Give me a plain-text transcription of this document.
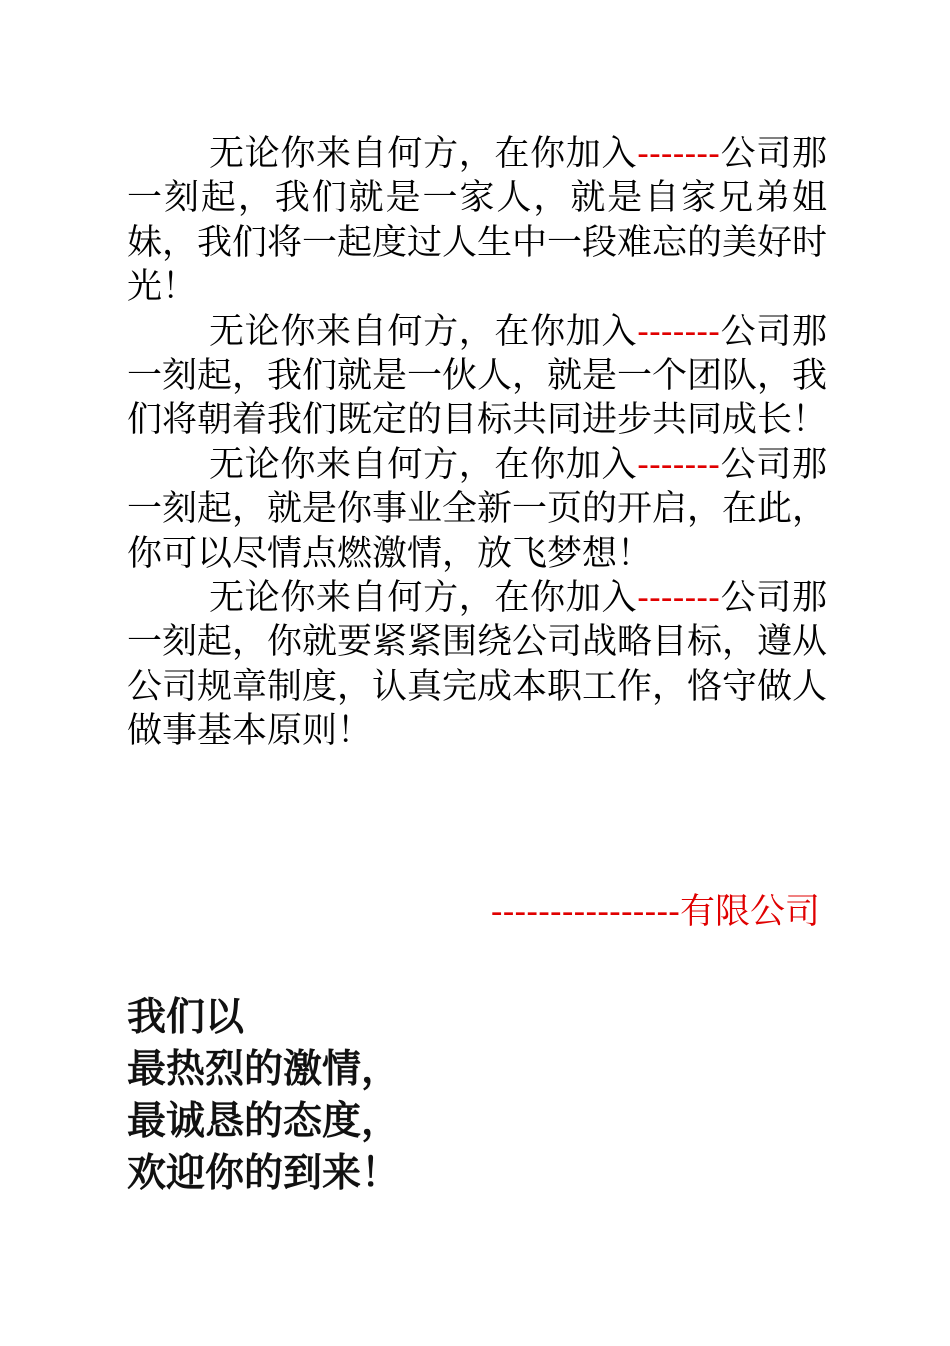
无论你来自何方，在你加入-------公司那一刻起，我们就是一家人，就是自家兄弟姐妹，我们将一起度过人生中一段难忘的美好时光！

无论你来自何方，在你加入-------公司那一刻起，我们就是一伙人，就是一个团队，我们将朝着我们既定的目标共同进步共同成长！

无论你来自何方，在你加入-------公司那一刻起，就是你事业全新一页的开启，在此，你可以尽情点燃激情，放飞梦想！

无论你来自何方，在你加入-------公司那一刻起，你就要紧紧围绕公司战略目标，遵从公司规章制度，认真完成本职工作，恪守做人做事基本原则！

----------------有限公司
我们以
最热烈的激情，
最诚恳的态度，
欢迎你的到来！
